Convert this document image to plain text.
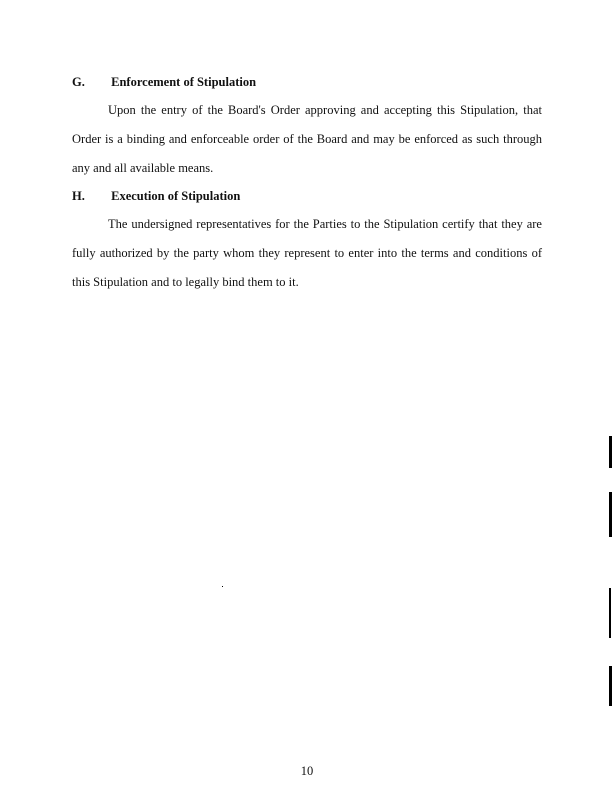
G. Enforcement of Stipulation
Upon the entry of the Board's Order approving and accepting this Stipulation, that Order is a binding and enforceable order of the Board and may be enforced as such through any and all available means.
H. Execution of Stipulation
The undersigned representatives for the Parties to the Stipulation certify that they are fully authorized by the party whom they represent to enter into the terms and conditions of this Stipulation and to legally bind them to it.
10
